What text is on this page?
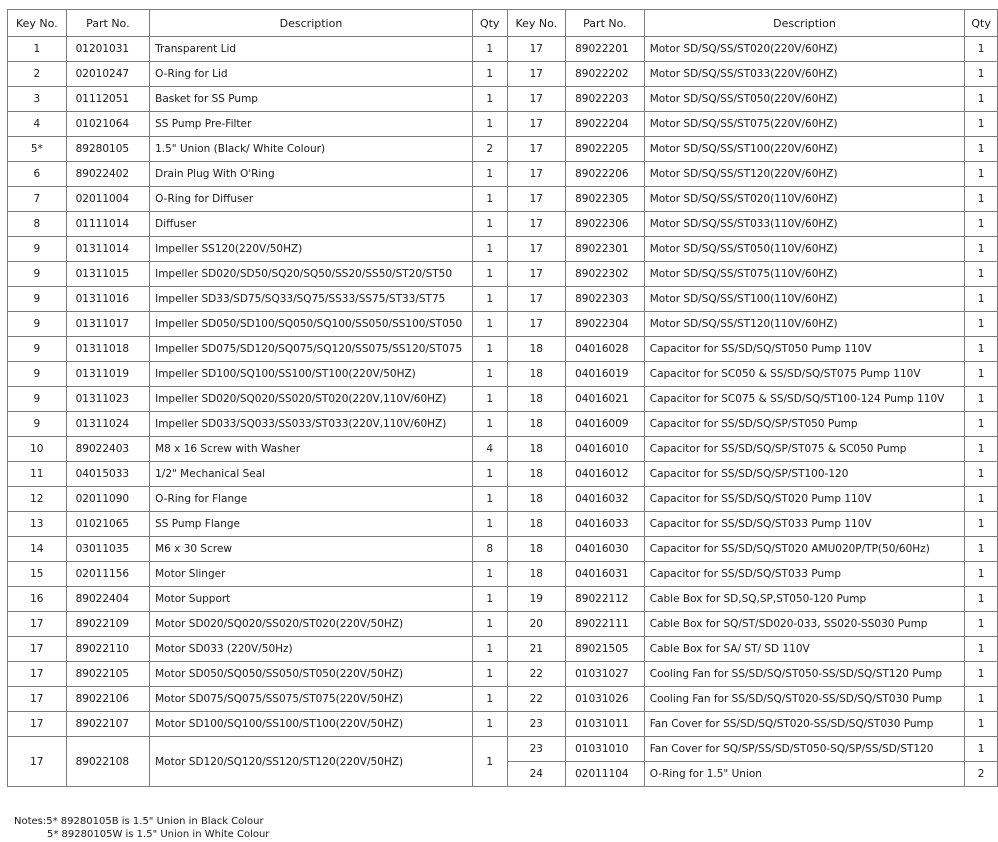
Key No.	Part No.	Description	Qty	Key No.	Part No.	Description	Qty
1	01201031	Transparent Lid	1	17	89022201	Motor SD/SQ/SS/ST020(220V/60HZ)	1
2	02010247	O-Ring for Lid	1	17	89022202	Motor SD/SQ/SS/ST033(220V/60HZ)	1
3	01112051	Basket for SS Pump	1	17	89022203	Motor SD/SQ/SS/ST050(220V/60HZ)	1
4	01021064	SS Pump Pre-Filter	1	17	89022204	Motor SD/SQ/SS/ST075(220V/60HZ)	1
5*	89280105	1.5" Union (Black/ White Colour)	2	17	89022205	Motor SD/SQ/SS/ST100(220V/60HZ)	1
6	89022402	Drain Plug With O'Ring	1	17	89022206	Motor SD/SQ/SS/ST120(220V/60HZ)	1
7	02011004	O-Ring for Diffuser	1	17	89022305	Motor SD/SQ/SS/ST020(110V/60HZ)	1
8	01111014	Diffuser	1	17	89022306	Motor SD/SQ/SS/ST033(110V/60HZ)	1
9	01311014	Impeller SS120(220V/50HZ)	1	17	89022301	Motor SD/SQ/SS/ST050(110V/60HZ)	1
9	01311015	Impeller SD020/SD50/SQ20/SQ50/SS20/SS50/ST20/ST50	1	17	89022302	Motor SD/SQ/SS/ST075(110V/60HZ)	1
9	01311016	Impeller SD33/SD75/SQ33/SQ75/SS33/SS75/ST33/ST75	1	17	89022303	Motor SD/SQ/SS/ST100(110V/60HZ)	1
9	01311017	Impeller SD050/SD100/SQ050/SQ100/SS050/SS100/ST050	1	17	89022304	Motor SD/SQ/SS/ST120(110V/60HZ)	1
9	01311018	Impeller SD075/SD120/SQ075/SQ120/SS075/SS120/ST075	1	18	04016028	Capacitor for SS/SD/SQ/ST050 Pump 110V	1
9	01311019	Impeller SD100/SQ100/SS100/ST100(220V/50HZ)	1	18	04016019	Capacitor for SC050 & SS/SD/SQ/ST075 Pump 110V	1
9	01311023	Impeller SD020/SQ020/SS020/ST020(220V,110V/60HZ)	1	18	04016021	Capacitor for SC075 & SS/SD/SQ/ST100-124 Pump 110V	1
9	01311024	Impeller SD033/SQ033/SS033/ST033(220V,110V/60HZ)	1	18	04016009	Capacitor for SS/SD/SQ/SP/ST050 Pump	1
10	89022403	M8 x 16 Screw with Washer	4	18	04016010	Capacitor for SS/SD/SQ/SP/ST075 & SC050 Pump	1
11	04015033	1/2" Mechanical Seal	1	18	04016012	Capacitor for SS/SD/SQ/SP/ST100-120	1
12	02011090	O-Ring for Flange	1	18	04016032	Capacitor for SS/SD/SQ/ST020 Pump 110V	1
13	01021065	SS Pump Flange	1	18	04016033	Capacitor for SS/SD/SQ/ST033 Pump 110V	1
14	03011035	M6 x 30 Screw	8	18	04016030	Capacitor for SS/SD/SQ/ST020 AMU020P/TP(50/60Hz)	1
15	02011156	Motor Slinger	1	18	04016031	Capacitor for SS/SD/SQ/ST033 Pump	1
16	89022404	Motor Support	1	19	89022112	Cable Box for SD,SQ,SP,ST050-120 Pump	1
17	89022109	Motor SD020/SQ020/SS020/ST020(220V/50HZ)	1	20	89022111	Cable Box for SQ/ST/SD020-033, SS020-SS030 Pump	1
17	89022110	Motor SD033 (220V/50Hz)	1	21	89021505	Cable Box for SA/ ST/ SD 110V	1
17	89022105	Motor SD050/SQ050/SS050/ST050(220V/50HZ)	1	22	01031027	Cooling Fan for SS/SD/SQ/ST050-SS/SD/SQ/ST120 Pump	1
17	89022106	Motor SD075/SQ075/SS075/ST075(220V/50HZ)	1	22	01031026	Cooling Fan for SS/SD/SQ/ST020-SS/SD/SQ/ST030 Pump	1
17	89022107	Motor SD100/SQ100/SS100/ST100(220V/50HZ)	1	23	01031011	Fan Cover for SS/SD/SQ/ST020-SS/SD/SQ/ST030 Pump	1
17	89022108	Motor SD120/SQ120/SS120/ST120(220V/50HZ)	1	23	01031010	Fan Cover for SQ/SP/SS/SD/ST050-SQ/SP/SS/SD/ST120	1
				24	02011104	O-Ring for 1.5" Union	2
Notes:5* 89280105B is 1.5" Union in Black Colour
5* 89280105W is 1.5" Union in White Colour
